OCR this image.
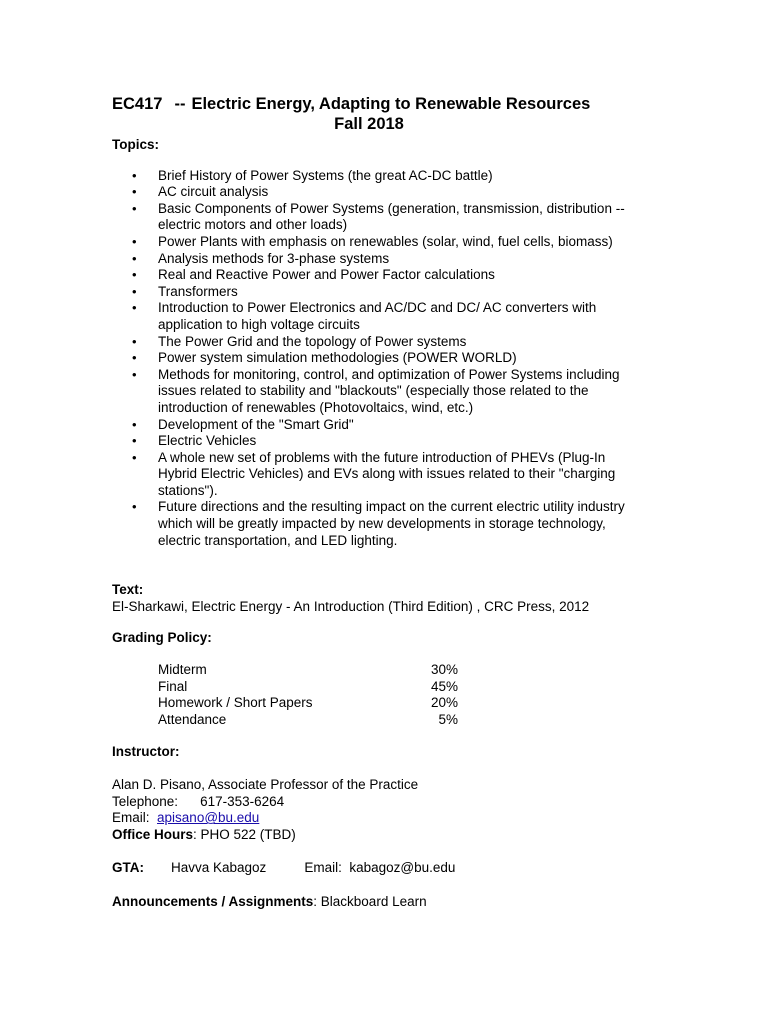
EC417 -- Electric Energy, Adapting to Renewable Resources
Fall 2018
Topics:
• Brief History of Power Systems (the great AC-DC battle)
• AC circuit analysis
• Basic Components of Power Systems (generation, transmission, distribution -- electric motors and other loads)
• Power Plants with emphasis on renewables (solar, wind, fuel cells, biomass)
• Analysis methods for 3-phase systems
• Real and Reactive Power and Power Factor calculations
• Transformers
• Introduction to Power Electronics and AC/DC and DC/ AC converters with application to high voltage circuits
• The Power Grid and the topology of Power systems
• Power system simulation methodologies (POWER WORLD)
• Methods for monitoring, control, and optimization of Power Systems including issues related to stability and "blackouts" (especially those related to the introduction of renewables (Photovoltaics, wind, etc.)
• Development of the "Smart Grid"
• Electric Vehicles
• A whole new set of problems with the future introduction of PHEVs (Plug-In Hybrid Electric Vehicles) and EVs along with issues related to their "charging stations").
• Future directions and the resulting impact on the current electric utility industry which will be greatly impacted by new developments in storage technology, electric transportation, and LED lighting.
Text:
El-Sharkawi, Electric Energy - An Introduction (Third Edition) , CRC Press, 2012
Grading Policy:
Midterm	30%
Final	45%
Homework / Short Papers	20%
Attendance	5%
Instructor:
Alan D. Pisano, Associate Professor of the Practice
Telephone: 617-353-6264
Email: apisano@bu.edu
Office Hours: PHO 522 (TBD)
GTA: Havva Kabagoz	Email: kabagoz@bu.edu
Announcements / Assignments: Blackboard Learn
